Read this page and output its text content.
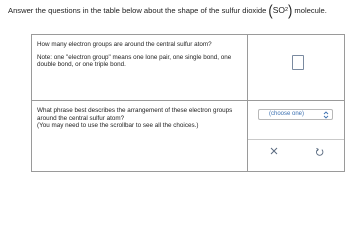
Answer the questions in the table below about the shape of the sulfur dioxide ( SO 2 ) molecule.

How many electron groups are around the central sulfur atom?

Note: one "electron group" means one lone pair, one single bond, one double bond, or one triple bond.

What phrase best describes the arrangement of these electron groups around the central sulfur atom?

(You may need to use the scrollbar to see all the choices.)	(choose one)
